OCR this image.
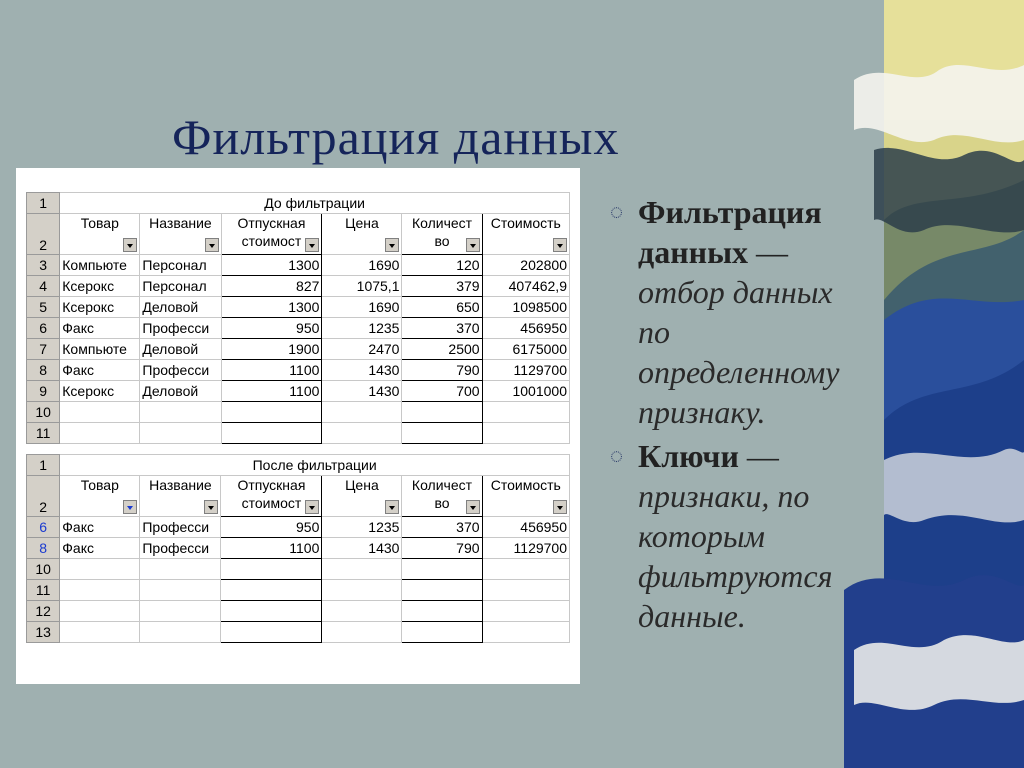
Фильтрация данных
◌ Фильтрация данных — отбор данных по определенному признаку.
◌ Ключи — признаки, по которым фильтруются данные.
1	До фильтрации					
2	Товар	Название	Отпускная стоимост	Цена	Количест во	Стоимость

3	Компьюте	Персонал	1300	1690	120	202800
4	Ксерокс	Персонал	827	1075,1	379	407462,9
5	Ксерокс	Деловой	1300	1690	650	1098500
6	Факс	Професси	950	1235	370	456950
7	Компьюте	Деловой	1900	2470	2500	6175000
8	Факс	Професси	1100	1430	790	1129700
9	Ксерокс	Деловой	1100	1430	700	1001000
10						
11						
1	После фильтрации					
2	Товар	Название	Отпускная стоимост	Цена	Количест во	Стоимость

6	Факс	Професси	950	1235	370	456950
8	Факс	Професси	1100	1430	790	1129700
10						
11						
12						
13						
